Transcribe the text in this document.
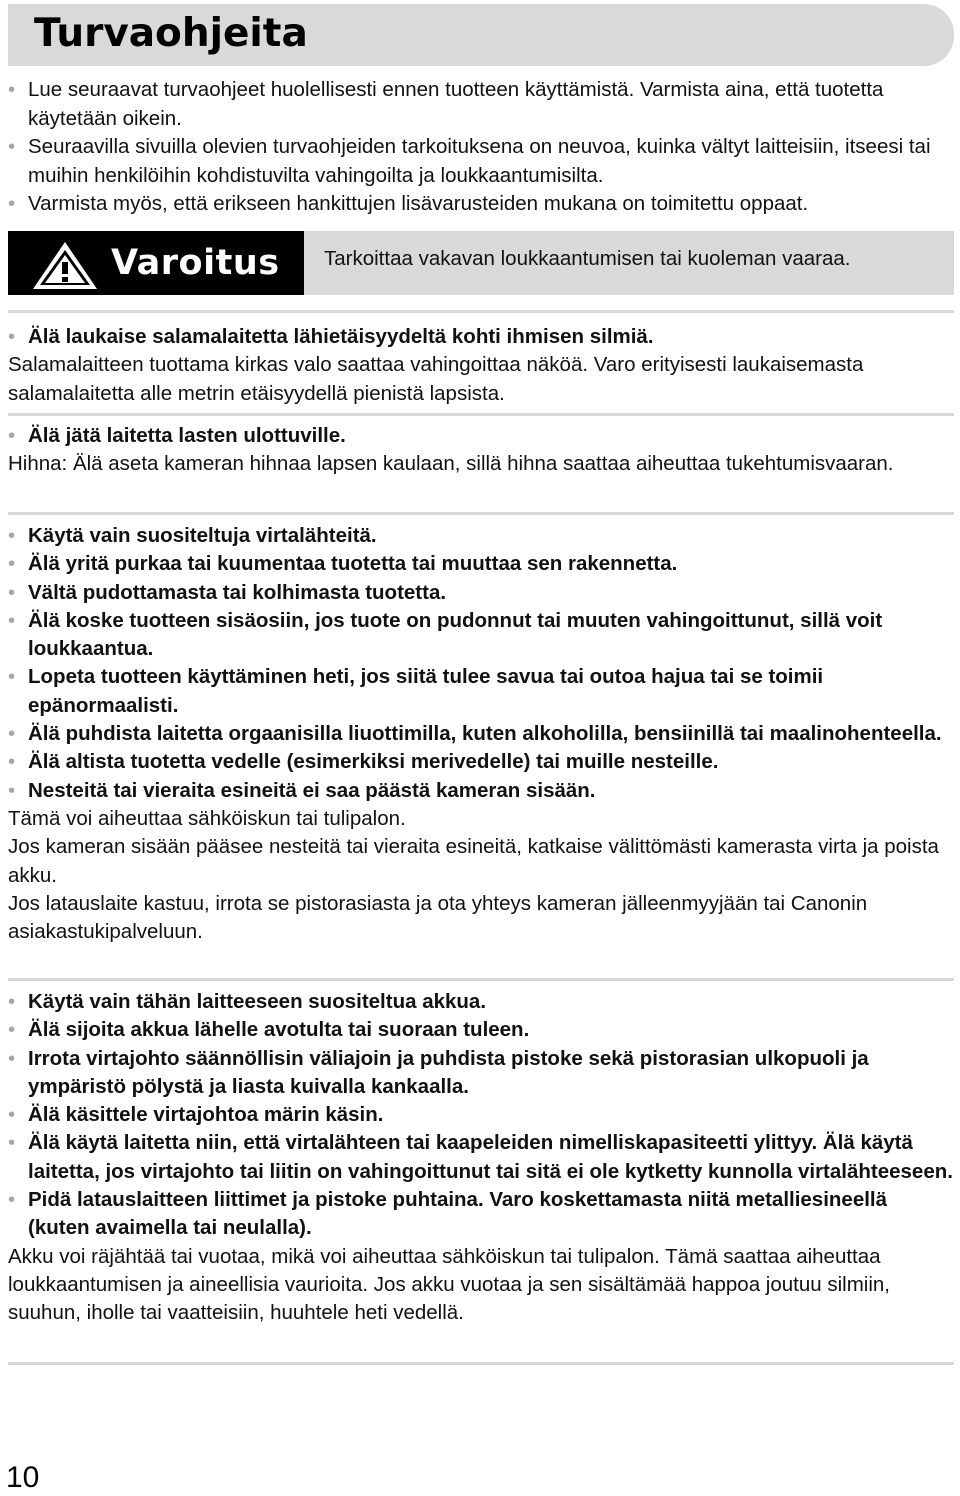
Turvaohjeita
• Lue seuraavat turvaohjeet huolellisesti ennen tuotteen käyttämistä. Varmista aina, että tuotetta käytetään oikein.
• Seuraavilla sivuilla olevien turvaohjeiden tarkoituksena on neuvoa, kuinka vältyt laitteisiin, itseesi tai muihin henkilöihin kohdistuvilta vahingoilta ja loukkaantumisilta.
• Varmista myös, että erikseen hankittujen lisävarusteiden mukana on toimitettu oppaat.
Varoitus Tarkoittaa vakavan loukkaantumisen tai kuoleman vaaraa.
• Älä laukaise salamalaitetta lähietäisyydeltä kohti ihmisen silmiä.

Salamalaitteen tuottama kirkas valo saattaa vahingoittaa näköä. Varo erityisesti laukaisemasta salamalaitetta alle metrin etäisyydellä pienistä lapsista.

• Älä jätä laitetta lasten ulottuville.

Hihna: Älä aseta kameran hihnaa lapsen kaulaan, sillä hihna saattaa aiheuttaa tukehtumisvaaran.

• Käytä vain suositeltuja virtalähteitä.
• Älä yritä purkaa tai kuumentaa tuotetta tai muuttaa sen rakennetta.
• Vältä pudottamasta tai kolhimasta tuotetta.
• Älä koske tuotteen sisäosiin, jos tuote on pudonnut tai muuten vahingoittunut, sillä voit loukkaantua.
• Lopeta tuotteen käyttäminen heti, jos siitä tulee savua tai outoa hajua tai se toimii epänormaalisti.
• Älä puhdista laitetta orgaanisilla liuottimilla, kuten alkoholilla, bensiinillä tai maalinohenteella.
• Älä altista tuotetta vedelle (esimerkiksi merivedelle) tai muille nesteille.
• Nesteitä tai vieraita esineitä ei saa päästä kameran sisään.

Tämä voi aiheuttaa sähköiskun tai tulipalon.

Jos kameran sisään pääsee nesteitä tai vieraita esineitä, katkaise välittömästi kamerasta virta ja poista akku.

Jos latauslaite kastuu, irrota se pistorasiasta ja ota yhteys kameran jälleenmyyjään tai Canonin asiakastukipalveluun.

• Käytä vain tähän laitteeseen suositeltua akkua.
• Älä sijoita akkua lähelle avotulta tai suoraan tuleen.
• Irrota virtajohto säännöllisin väliajoin ja puhdista pistoke sekä pistorasian ulkopuoli ja ympäristö pölystä ja liasta kuivalla kankaalla.
• Älä käsittele virtajohtoa märin käsin.
• Älä käytä laitetta niin, että virtalähteen tai kaapeleiden nimelliskapasiteetti ylittyy. Älä käytä laitetta, jos virtajohto tai liitin on vahingoittunut tai sitä ei ole kytketty kunnolla virtalähteeseen.
• Pidä latauslaitteen liittimet ja pistoke puhtaina. Varo koskettamasta niitä metalliesineellä (kuten avaimella tai neulalla).

Akku voi räjähtää tai vuotaa, mikä voi aiheuttaa sähköiskun tai tulipalon. Tämä saattaa aiheuttaa loukkaantumisen ja aineellisia vaurioita. Jos akku vuotaa ja sen sisältämää happoa joutuu silmiin, suuhun, iholle tai vaatteisiin, huuhtele heti vedellä.

10
